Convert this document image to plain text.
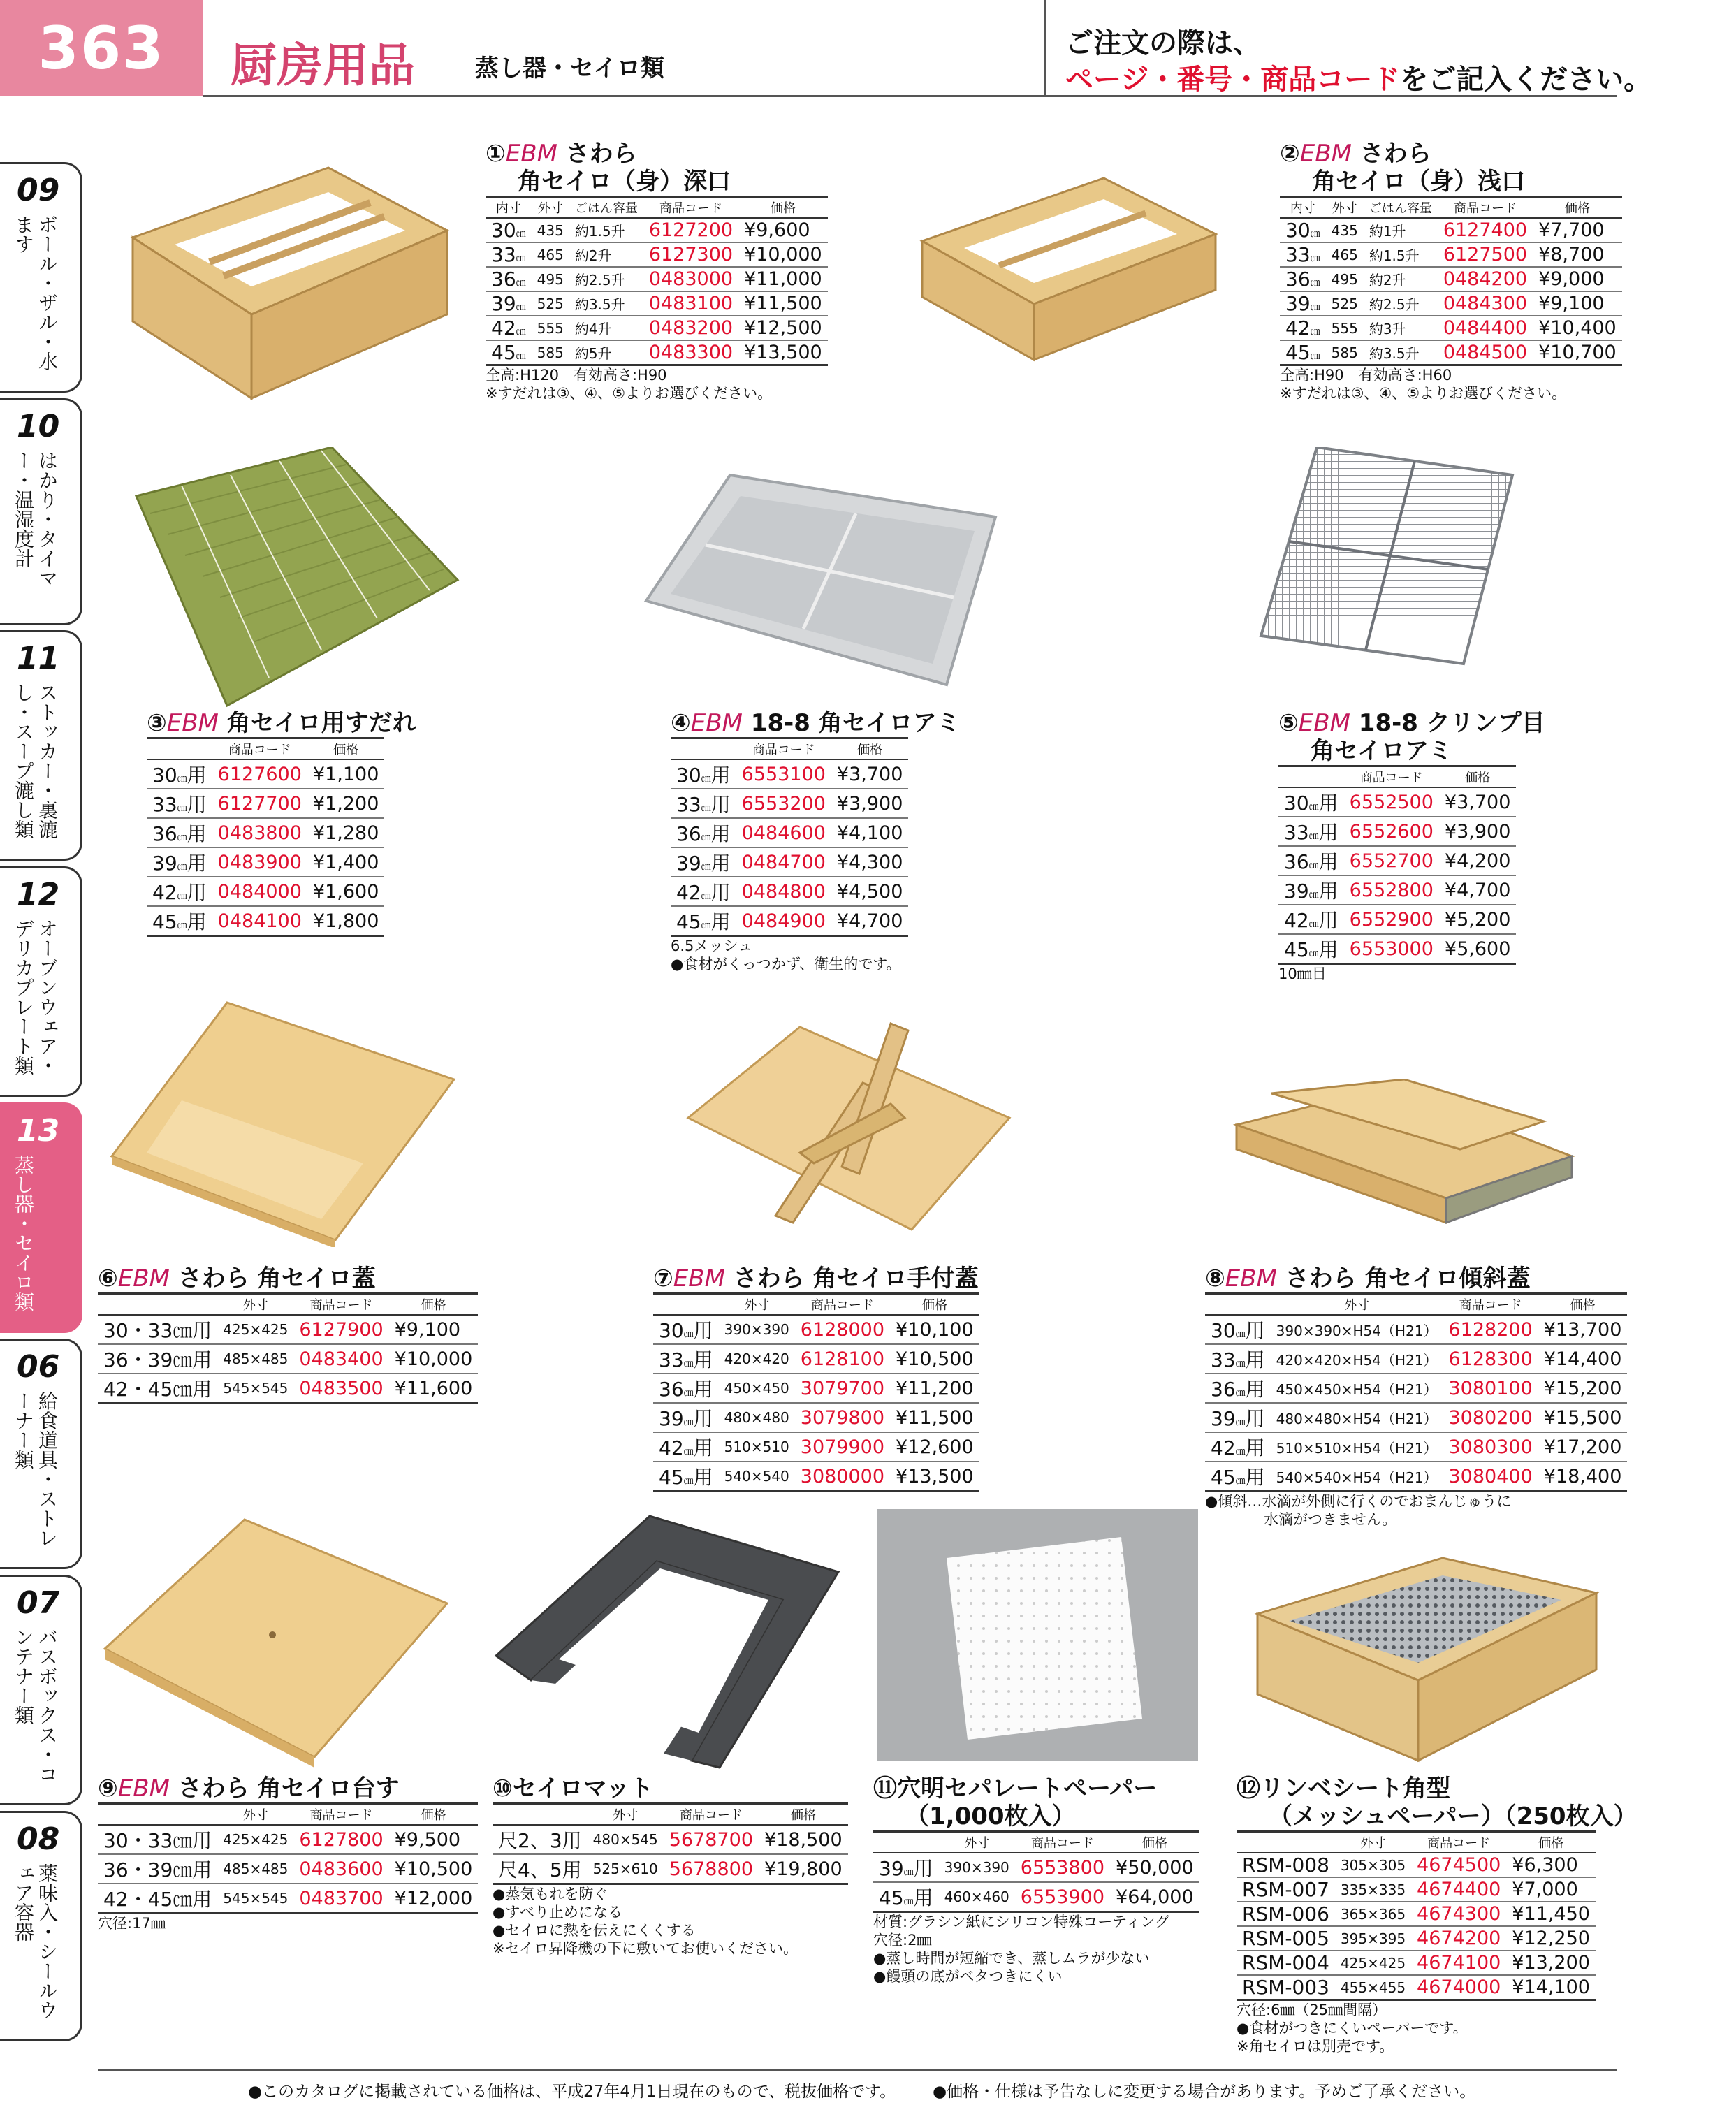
363	厨房用品	蒸し器・セイロ類
ご注文の際は、
ページ・番号・商品コードをご記入ください。
09
ボール・ザル・水ます
10
はかり・タイマー・温湿度計
11
ストッカー・裏漉し・スープ漉し類
12
オーブンウェア・デリカプレート類
13
蒸し器・セイロ類
06
給食道具・ストレーナー類
07
バスボックス・コンテナー類
08
薬味入・シールウェア容器
①EBM さわら
角セイロ（身）深口
内寸	外寸	ごはん容量	商品コード	価格
30㎝	435	約1.5升	6127200	¥9,600
33㎝	465	約2升	6127300	¥10,000
36㎝	495	約2.5升	0483000	¥11,000
39㎝	525	約3.5升	0483100	¥11,500
42㎝	555	約4升	0483200	¥12,500
45㎝	585	約5升	0483300	¥13,500
全高:H120　有効高さ:H90
※すだれは③、④、⑤よりお選びください。
②EBM さわら
角セイロ（身）浅口
内寸	外寸	ごはん容量	商品コード	価格
30㎝	435	約1升	6127400	¥7,700
33㎝	465	約1.5升	6127500	¥8,700
36㎝	495	約2升	0484200	¥9,000
39㎝	525	約2.5升	0484300	¥9,100
42㎝	555	約3升	0484400	¥10,400
45㎝	585	約3.5升	0484500	¥10,700
全高:H90　有効高さ:H60
※すだれは③、④、⑤よりお選びください。
③EBM 角セイロ用すだれ
	商品コード	価格
30㎝用	6127600	¥1,100
33㎝用	6127700	¥1,200
36㎝用	0483800	¥1,280
39㎝用	0483900	¥1,400
42㎝用	0484000	¥1,600
45㎝用	0484100	¥1,800
④EBM 18-8 角セイロアミ
	商品コード	価格
30㎝用	6553100	¥3,700
33㎝用	6553200	¥3,900
36㎝用	0484600	¥4,100
39㎝用	0484700	¥4,300
42㎝用	0484800	¥4,500
45㎝用	0484900	¥4,700
6.5メッシュ
●食材がくっつかず、衛生的です。
⑤EBM 18-8 クリンプ目
角セイロアミ
	商品コード	価格
30㎝用	6552500	¥3,700
33㎝用	6552600	¥3,900
36㎝用	6552700	¥4,200
39㎝用	6552800	¥4,700
42㎝用	6552900	¥5,200
45㎝用	6553000	¥5,600
10㎜目
⑥EBM さわら 角セイロ蓋
	外寸	商品コード	価格
30・33㎝用	425×425	6127900	¥9,100
36・39㎝用	485×485	0483400	¥10,000
42・45㎝用	545×545	0483500	¥11,600
⑦EBM さわら 角セイロ手付蓋
	外寸	商品コード	価格
30㎝用	390×390	6128000	¥10,100
33㎝用	420×420	6128100	¥10,500
36㎝用	450×450	3079700	¥11,200
39㎝用	480×480	3079800	¥11,500
42㎝用	510×510	3079900	¥12,600
45㎝用	540×540	3080000	¥13,500
⑧EBM さわら 角セイロ傾斜蓋
	外寸	商品コード	価格
30㎝用	390×390×H54（H21）	6128200	¥13,700
33㎝用	420×420×H54（H21）	6128300	¥14,400
36㎝用	450×450×H54（H21）	3080100	¥15,200
39㎝用	480×480×H54（H21）	3080200	¥15,500
42㎝用	510×510×H54（H21）	3080300	¥17,200
45㎝用	540×540×H54（H21）	3080400	¥18,400
●傾斜…水滴が外側に行くのでおまんじゅうに
　　　　水滴がつきません。
⑨EBM さわら 角セイロ台す
	外寸	商品コード	価格
30・33㎝用	425×425	6127800	¥9,500
36・39㎝用	485×485	0483600	¥10,500
42・45㎝用	545×545	0483700	¥12,000
穴径:17㎜
⑩セイロマット
	外寸	商品コード	価格
尺2、3用	480×545	5678700	¥18,500
尺4、5用	525×610	5678800	¥19,800
●蒸気もれを防ぐ
●すべり止めになる
●セイロに熱を伝えにくくする
※セイロ昇降機の下に敷いてお使いください。
⑪穴明セパレートペーパー
（1,000枚入）
	外寸	商品コード	価格
39㎝用	390×390	6553800	¥50,000
45㎝用	460×460	6553900	¥64,000
材質:グラシン紙にシリコン特殊コーティング
穴径:2㎜
●蒸し時間が短縮でき、蒸しムラが少ない
●饅頭の底がベタつきにくい
⑫リンベシート角型
（メッシュペーパー）（250枚入）
	外寸	商品コード	価格
RSM-008	305×305	4674500	¥6,300
RSM-007	335×335	4674400	¥7,000
RSM-006	365×365	4674300	¥11,450
RSM-005	395×395	4674200	¥12,250
RSM-004	425×425	4674100	¥13,200
RSM-003	455×455	4674000	¥14,100
穴径:6㎜（25㎜間隔）
●食材がつきにくいペーパーです。
※角セイロは別売です。
●このカタログに掲載されている価格は、平成27年4月1日現在のもので、税抜価格です。 ●価格・仕様は予告なしに変更する場合があります。予めご了承ください。
